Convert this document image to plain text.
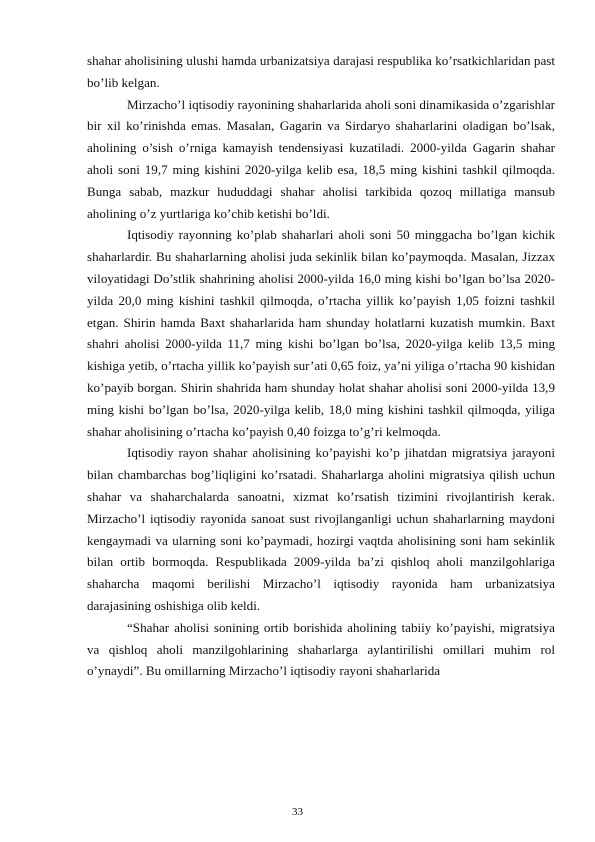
shahar aholisining ulushi hamda urbanizatsiya darajasi respublika ko’rsatkichlaridan past bo’lib kelgan.

Mirzacho’l iqtisodiy rayonining shaharlarida aholi soni dinamikasida o’zgarishlar bir xil ko’rinishda emas. Masalan, Gagarin va Sirdaryo shaharlarini oladigan bo’lsak, aholining o’sish o’rniga kamayish tendensiyasi kuzatiladi. 2000-yilda Gagarin shahar aholi soni 19,7 ming kishini 2020-yilga kelib esa, 18,5 ming kishini tashkil qilmoqda. Bunga sabab, mazkur hududdagi shahar aholisi tarkibida qozoq millatiga mansub aholining o’z yurtlariga ko’chib ketishi bo’ldi.

Iqtisodiy rayonning ko’plab shaharlari aholi soni 50 minggacha bo’lgan kichik shaharlardir. Bu shaharlarning aholisi juda sekinlik bilan ko’paymoqda. Masalan, Jizzax viloyatidagi Do’stlik shahrining aholisi 2000-yilda 16,0 ming kishi bo’lgan bo’lsa 2020-yilda 20,0 ming kishini tashkil qilmoqda, o’rtacha yillik ko’payish 1,05 foizni tashkil etgan. Shirin hamda Baxt shaharlarida ham shunday holatlarni kuzatish mumkin. Baxt shahri aholisi 2000-yilda 11,7 ming kishi bo’lgan bo’lsa, 2020-yilga kelib 13,5 ming kishiga yetib, o’rtacha yillik ko’payish sur’ati 0,65 foiz, ya’ni yiliga o’rtacha 90 kishidan ko’payib borgan. Shirin shahrida ham shunday holat shahar aholisi soni 2000-yilda 13,9 ming kishi bo’lgan bo’lsa, 2020-yilga kelib, 18,0 ming kishini tashkil qilmoqda, yiliga shahar aholisining o’rtacha ko’payish 0,40 foizga to’g’ri kelmoqda.

Iqtisodiy rayon shahar aholisining ko’payishi ko’p jihatdan migratsiya jarayoni bilan chambarchas bog’liqligini ko’rsatadi. Shaharlarga aholini migratsiya qilish uchun shahar va shaharchalarda sanoatni, xizmat ko’rsatish tizimini rivojlantirish kerak. Mirzacho’l iqtisodiy rayonida sanoat sust rivojlanganligi uchun shaharlarning maydoni kengaymadi va ularning soni ko’paymadi, hozirgi vaqtda aholisining soni ham sekinlik bilan ortib bormoqda. Respublikada 2009-yilda ba’zi qishloq aholi manzilgohlariga shaharcha maqomi berilishi Mirzacho’l iqtisodiy rayonida ham urbanizatsiya darajasining oshishiga olib keldi.

“Shahar aholisi sonining ortib borishida aholining tabiiy ko’payishi, migratsiya va qishloq aholi manzilgohlarining shaharlarga aylantirilishi omillari muhim rol o’ynaydi”. Bu omillarning Mirzacho’l iqtisodiy rayoni shaharlarida

33
